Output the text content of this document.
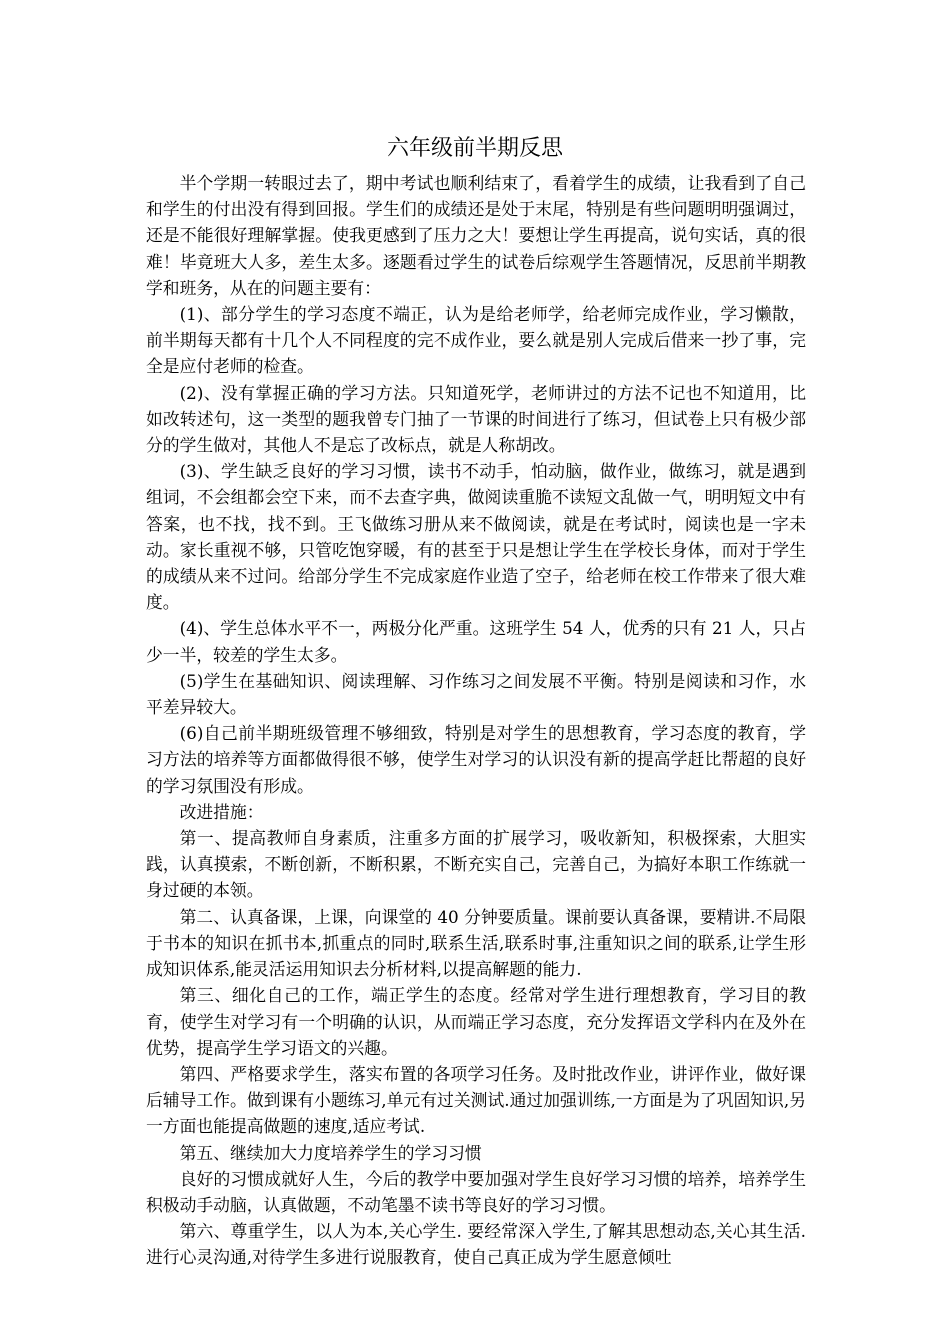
六年级前半期反思

半个学期一转眼过去了，期中考试也顺利结束了，看着学生的成绩，让我看到了自己和学生的付出没有得到回报。学生们的成绩还是处于末尾，特别是有些问题明明强调过，还是不能很好理解掌握。使我更感到了压力之大！要想让学生再提高，说句实话，真的很难！毕竟班大人多，差生太多。逐题看过学生的试卷后综观学生答题情况，反思前半期教学和班务，从在的问题主要有：

(1)、部分学生的学习态度不端正，认为是给老师学，给老师完成作业，学习懒散，前半期每天都有十几个人不同程度的完不成作业，要么就是别人完成后借来一抄了事，完全是应付老师的检查。

(2)、没有掌握正确的学习方法。只知道死学，老师讲过的方法不记也不知道用，比如改转述句，这一类型的题我曾专门抽了一节课的时间进行了练习，但试卷上只有极少部分的学生做对，其他人不是忘了改标点，就是人称胡改。

(3)、学生缺乏良好的学习习惯，读书不动手，怕动脑，做作业，做练习，就是遇到组词，不会组都会空下来，而不去查字典，做阅读重脆不读短文乱做一气，明明短文中有答案，也不找，找不到。王飞做练习册从来不做阅读，就是在考试时，阅读也是一字未动。家长重视不够，只管吃饱穿暖，有的甚至于只是想让学生在学校长身体，而对于学生的成绩从来不过问。给部分学生不完成家庭作业造了空子，给老师在校工作带来了很大难度。

(4)、学生总体水平不一，两极分化严重。这班学生 54 人，优秀的只有 21 人，只占少一半，较差的学生太多。

(5)学生在基础知识、阅读理解、习作练习之间发展不平衡。特别是阅读和习作，水平差异较大。

(6)自己前半期班级管理不够细致，特别是对学生的思想教育，学习态度的教育，学习方法的培养等方面都做得很不够，使学生对学习的认识没有新的提高学赶比帮超的良好的学习氛围没有形成。

改进措施：

第一、提高教师自身素质，注重多方面的扩展学习，吸收新知，积极探索，大胆实践，认真摸索，不断创新，不断积累，不断充实自己，完善自己，为搞好本职工作练就一身过硬的本领。

第二、认真备课，上课，向课堂的 40 分钟要质量。课前要认真备课，要精讲.不局限于书本的知识在抓书本,抓重点的同时,联系生活,联系时事,注重知识之间的联系,让学生形成知识体系,能灵活运用知识去分析材料,以提高解题的能力.

第三、细化自己的工作，端正学生的态度。经常对学生进行理想教育，学习目的教育，使学生对学习有一个明确的认识，从而端正学习态度，充分发挥语文学科内在及外在优势，提高学生学习语文的兴趣。

第四、严格要求学生，落实布置的各项学习任务。及时批改作业，讲评作业，做好课后辅导工作。做到课有小题练习,单元有过关测试.通过加强训练,一方面是为了巩固知识,另一方面也能提高做题的速度,适应考试.

第五、继续加大力度培养学生的学习习惯

良好的习惯成就好人生，今后的教学中要加强对学生良好学习习惯的培养，培养学生积极动手动脑，认真做题，不动笔墨不读书等良好的学习习惯。

第六、尊重学生，以人为本,关心学生. 要经常深入学生,了解其思想动态,关心其生活.进行心灵沟通,对待学生多进行说服教育，使自己真正成为学生愿意倾吐
